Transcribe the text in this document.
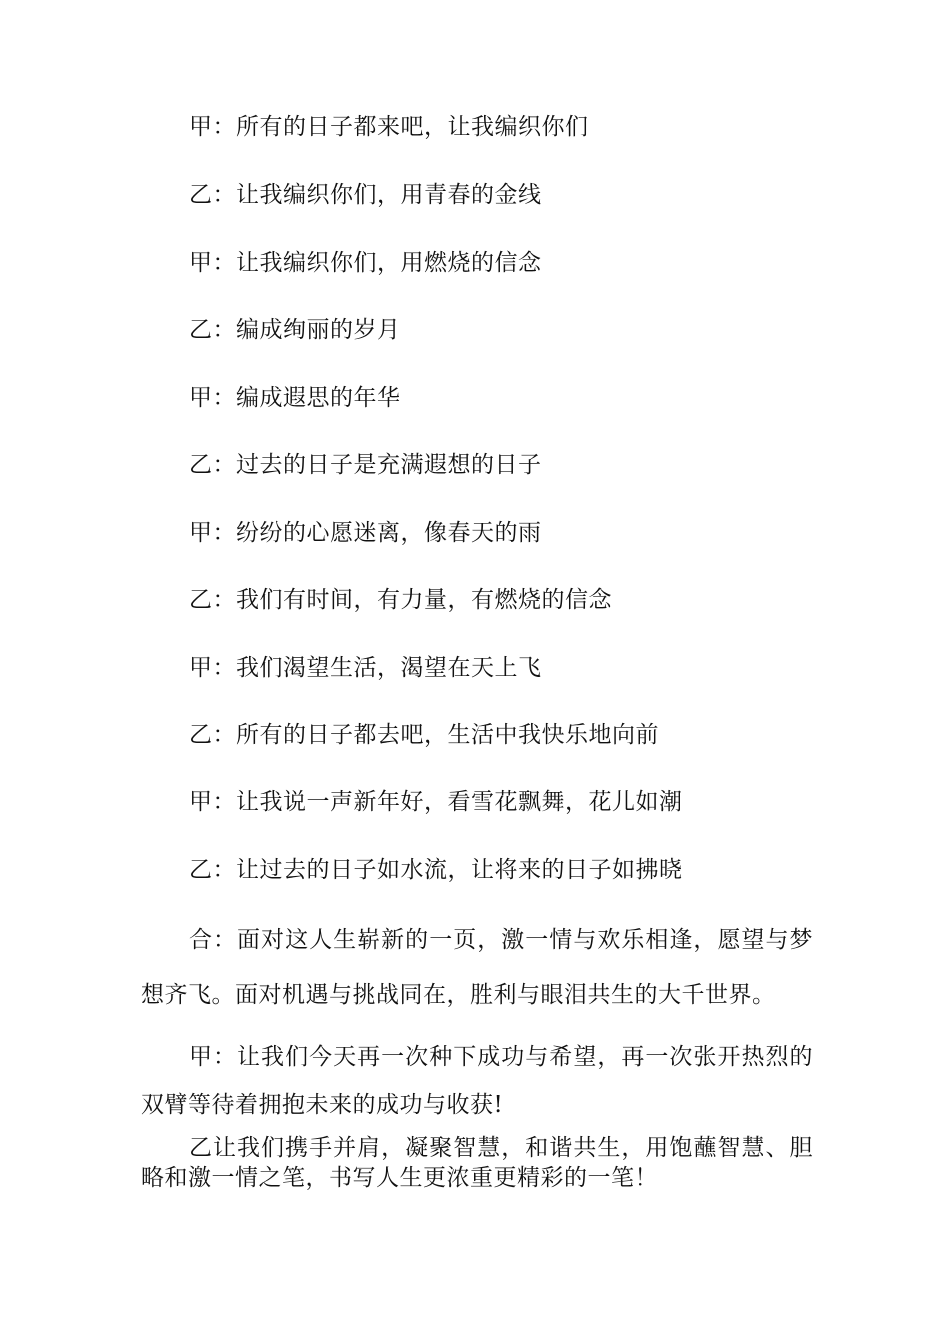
甲：所有的日子都来吧，让我编织你们
乙：让我编织你们，用青春的金线
甲：让我编织你们，用燃烧的信念
乙：编成绚丽的岁月
甲：编成遐思的年华
乙：过去的日子是充满遐想的日子
甲：纷纷的心愿迷离，像春天的雨
乙：我们有时间，有力量，有燃烧的信念
甲：我们渴望生活，渴望在天上飞
乙：所有的日子都去吧，生活中我快乐地向前
甲：让我说一声新年好，看雪花飘舞，花儿如潮
乙：让过去的日子如水流，让将来的日子如拂晓
合：面对这人生崭新的一页，激一情与欢乐相逢，愿望与梦想齐飞。面对机遇与挑战同在，胜利与眼泪共生的大千世界。
甲：让我们今天再一次种下成功与希望，再一次张开热烈的双臂等待着拥抱未来的成功与收获!
乙让我们携手并肩，凝聚智慧，和谐共生，用饱蘸智慧、胆略和激一情之笔，书写人生更浓重更精彩的一笔！
